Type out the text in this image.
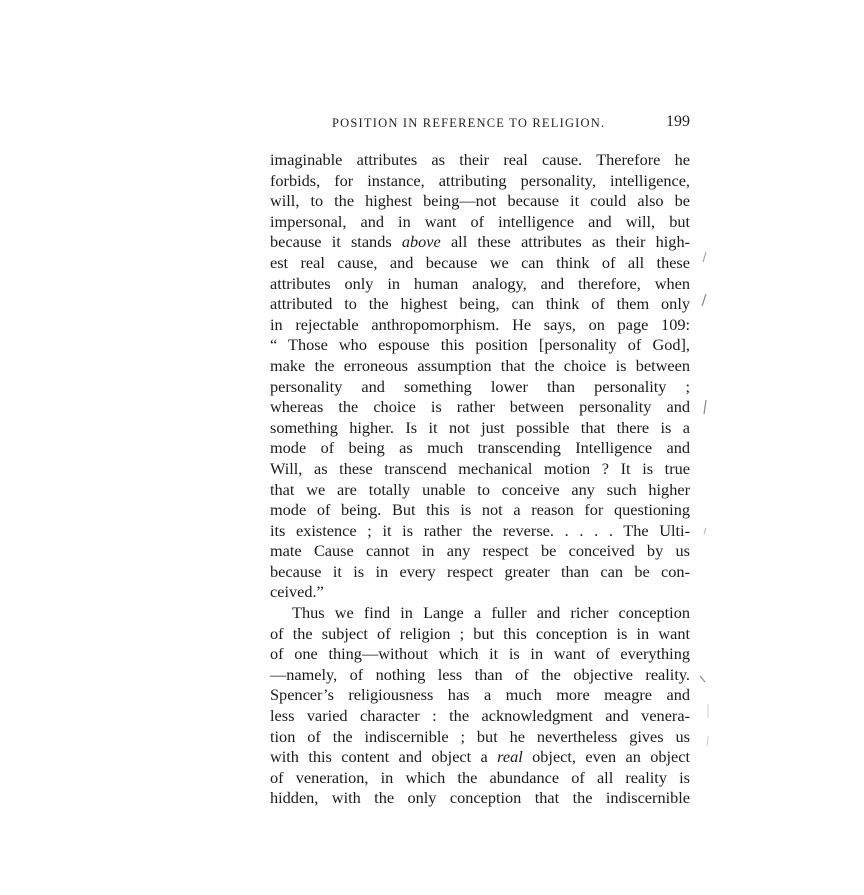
POSITION IN REFERENCE TO RELIGION.	199
imaginable attributes as their real cause. Therefore he
forbids, for instance, attributing personality, intelligence,
will, to the highest being—not because it could also be
impersonal, and in want of intelligence and will, but
because it stands above all these attributes as their high-
est real cause, and because we can think of all these
attributes only in human analogy, and therefore, when
attributed to the highest being, can think of them only
in rejectable anthropomorphism. He says, on page 109:
“ Those who espouse this position [personality of God],
make the erroneous assumption that the choice is between
personality and something lower than personality ;
whereas the choice is rather between personality and
something higher. Is it not just possible that there is a
mode of being as much transcending Intelligence and
Will, as these transcend mechanical motion ? It is true
that we are totally unable to conceive any such higher
mode of being. But this is not a reason for questioning
its existence ; it is rather the reverse. . . . . The Ulti-
mate Cause cannot in any respect be conceived by us
because it is in every respect greater than can be con-
ceived.”
Thus we find in Lange a fuller and richer conception
of the subject of religion ; but this conception is in want
of one thing—without which it is in want of everything
—namely, of nothing less than of the objective reality.
Spencer’s religiousness has a much more meagre and
less varied character : the acknowledgment and venera-
tion of the indiscernible ; but he nevertheless gives us
with this content and object a real object, even an object
of veneration, in which the abundance of all reality is
hidden, with the only conception that the indiscernible
